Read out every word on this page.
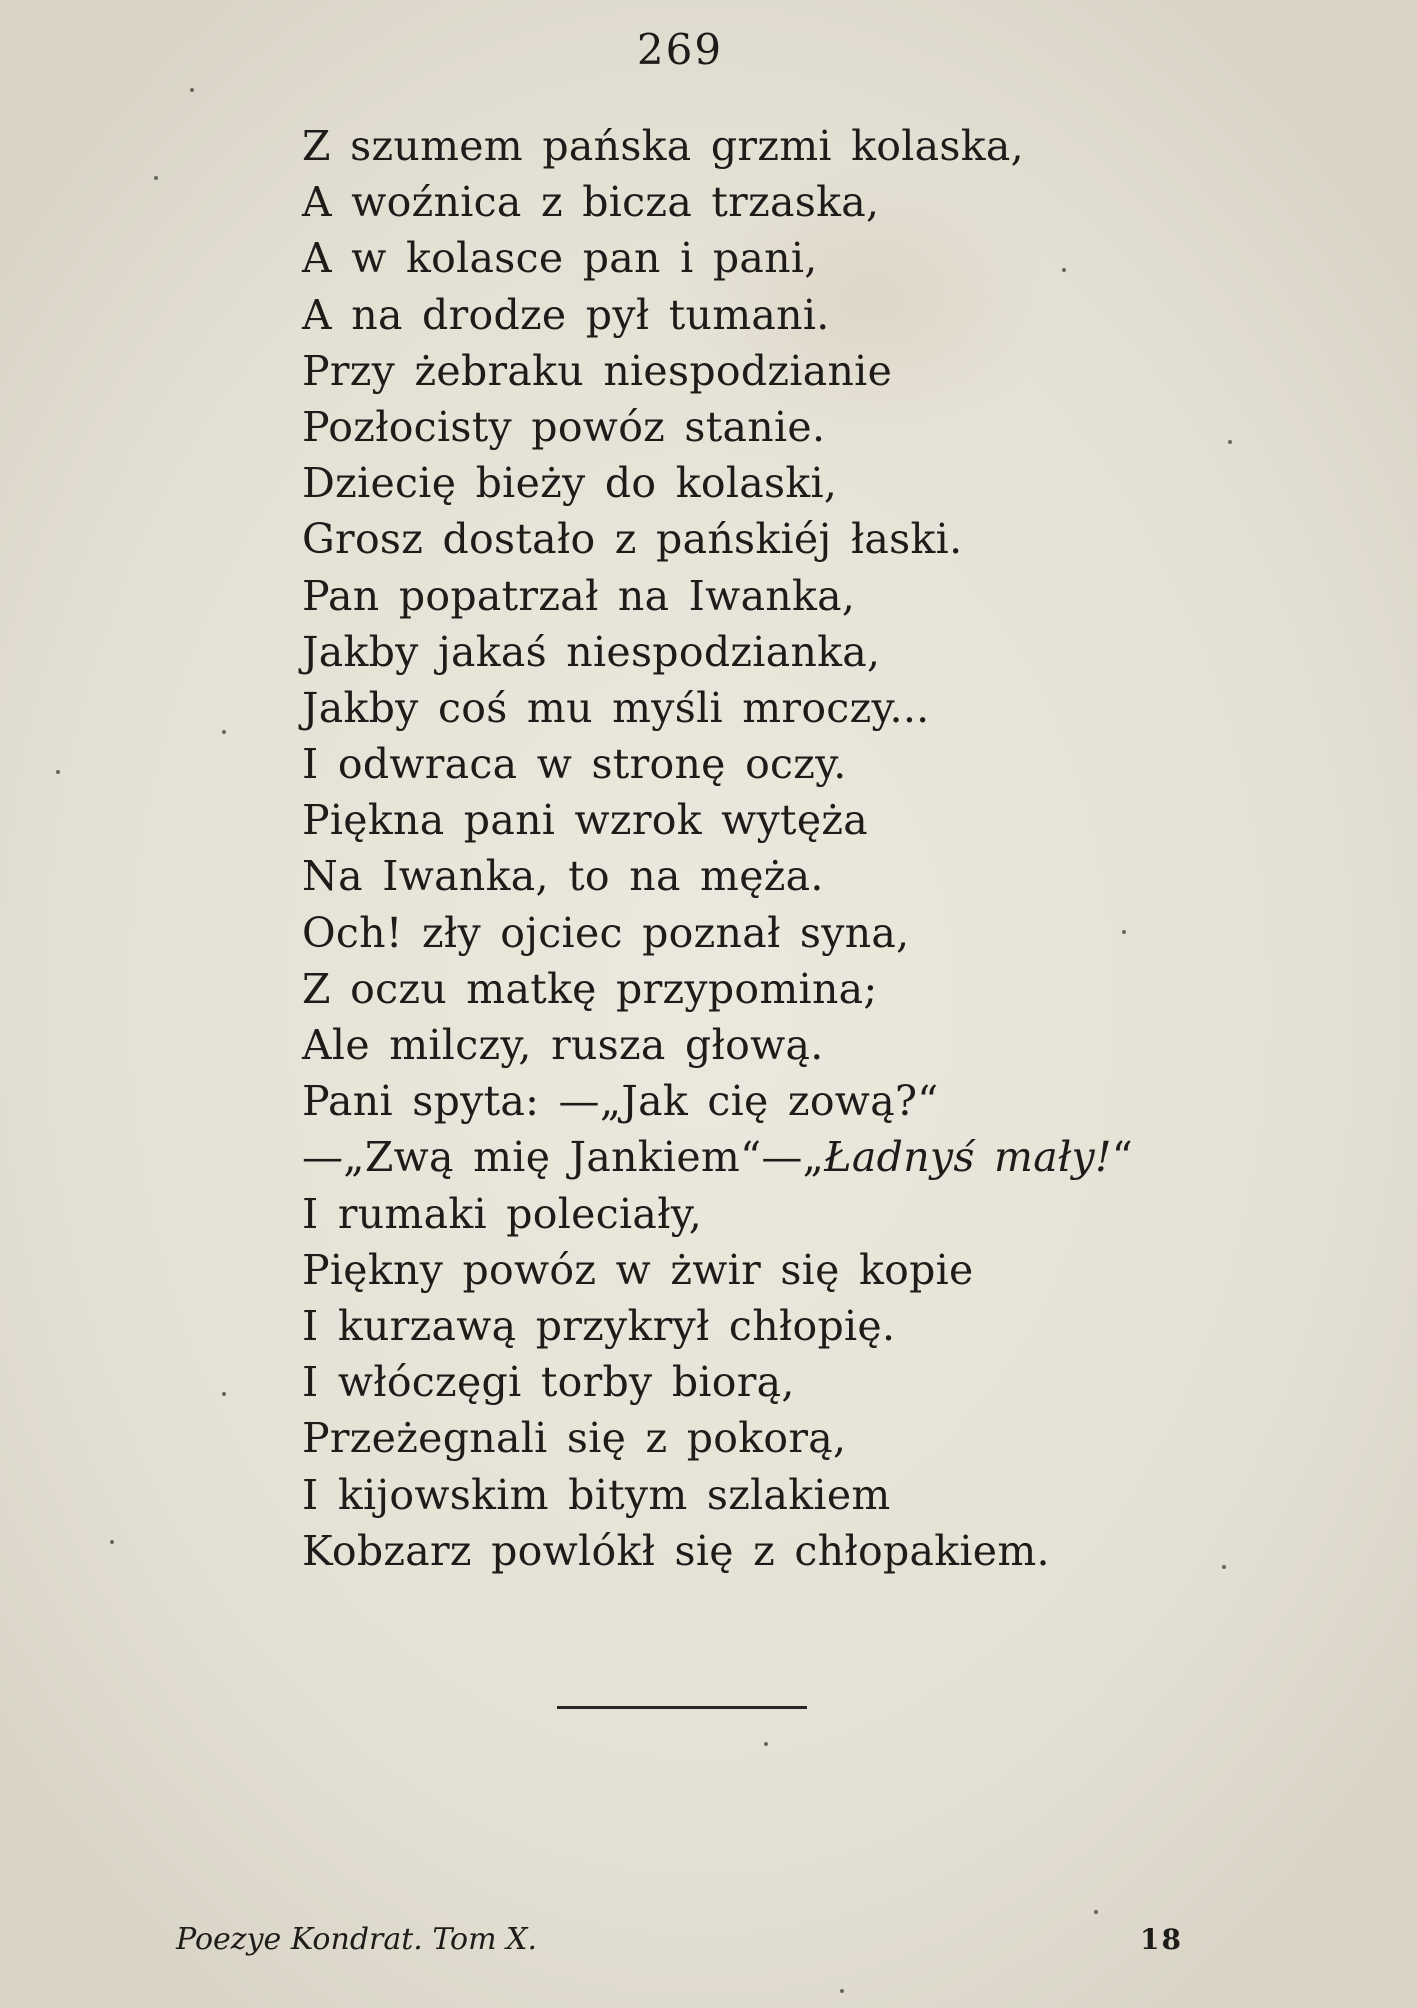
269
Z szumem pańska grzmi kolaska,
A woźnica z bicza trzaska,
A w kolasce pan i pani,
A na drodze pył tumani.
Przy żebraku niespodzianie
Pozłocisty powóz stanie.
Dziecię bieży do kolaski,
Grosz dostało z pańskiéj łaski.
Pan popatrzał na Iwanka,
Jakby jakaś niespodzianka,
Jakby coś mu myśli mroczy...
I odwraca w stronę oczy.
Piękna pani wzrok wytęża
Na Iwanka, to na męża.
Och! zły ojciec poznał syna,
Z oczu matkę przypomina;
Ale milczy, rusza głową.
Pani spyta: —„Jak cię zową?“
—„Zwą mię Jankiem“—„Ładnyś mały!“
I rumaki poleciały,
Piękny powóz w żwir się kopie
I kurzawą przykrył chłopię.
I włóczęgi torby biorą,
Przeżegnali się z pokorą,
I kijowskim bitym szlakiem
Kobzarz powlókł się z chłopakiem.
Poezye Kondrat. Tom X.	18
